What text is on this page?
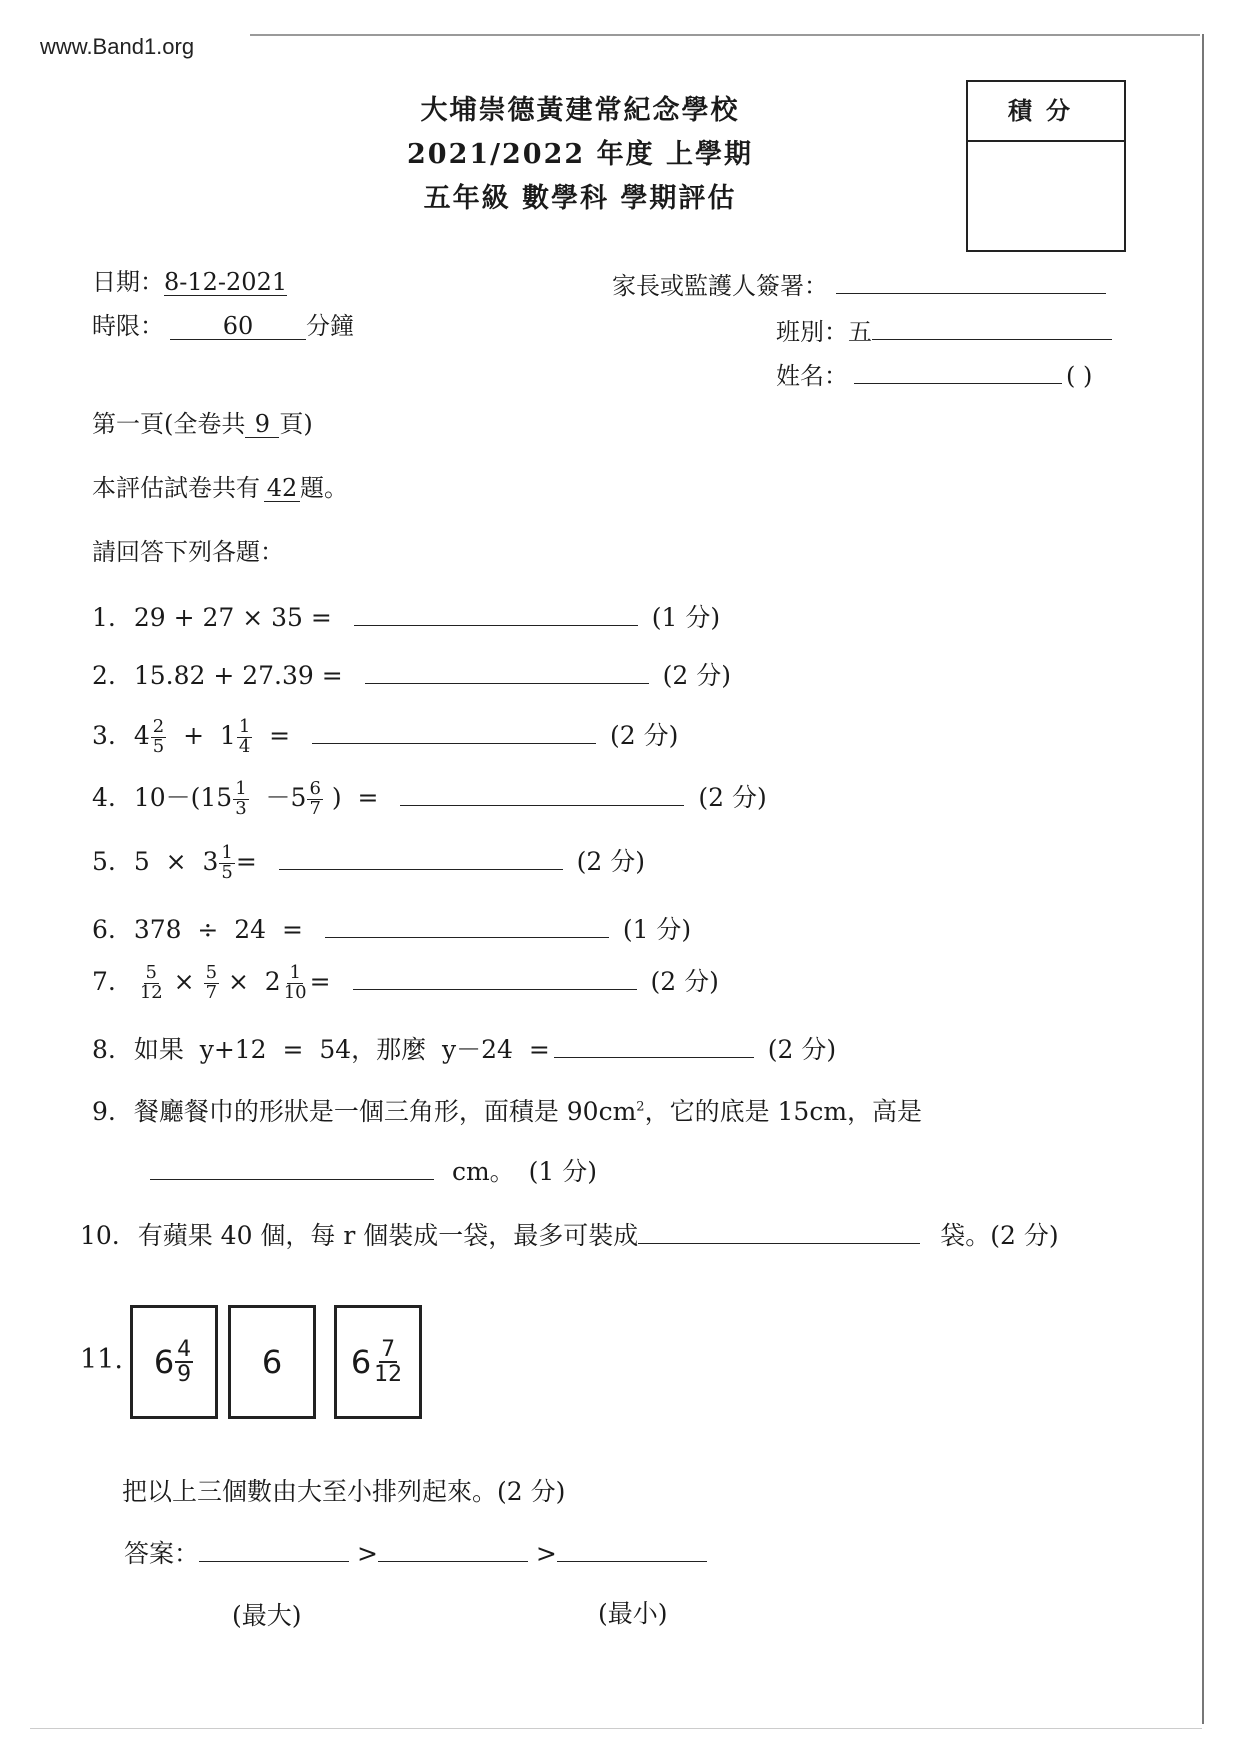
www.Band1.org
大埔崇德黃建常紀念學校
2021/2022 年度 上學期
五年級 數學科 學期評估
積分
日期：8-12-2021
時限： 60 分鐘
家長或監護人簽署：
班別：五
姓名：	( )
第一頁(全卷共 9 頁)
本評估試卷共有 42 題。
請回答下列各題：
1. 29 + 27 × 35 =	(1 分)
2. 15.82 + 27.39 =	(2 分)
3. $4 \frac{2}{5} + 1 \frac{1}{4}$ =	(2 分)
4. $10-(15 \frac{1}{3} -5 \frac{6}{7}$ )  =	(2 分)
5. $5 \times 3 \frac{1}{5}$ =	(2 分)
6. 378  ÷  24  =	(1 分)
7. $\frac{5}{12} \times \frac{5}{7} \times 2 \frac{1}{10}$ =	(2 分)
8. 如果  y+12  =  54，那麼  y－24  =	(2 分)
9. 餐廳餐巾的形狀是一個三角形，面積是 $90cm^2$，它的底是 15cm，高是
cm。 (1 分)
10. 有蘋果 40 個，每 r 個裝成一袋，最多可裝成	袋。(2 分)
11. $6 \frac{4}{9} 6$ $6 \frac{7}{12}$
把以上三個數由大至小排列起來。(2 分)
答案：	>	>
(最大)	(最小)
